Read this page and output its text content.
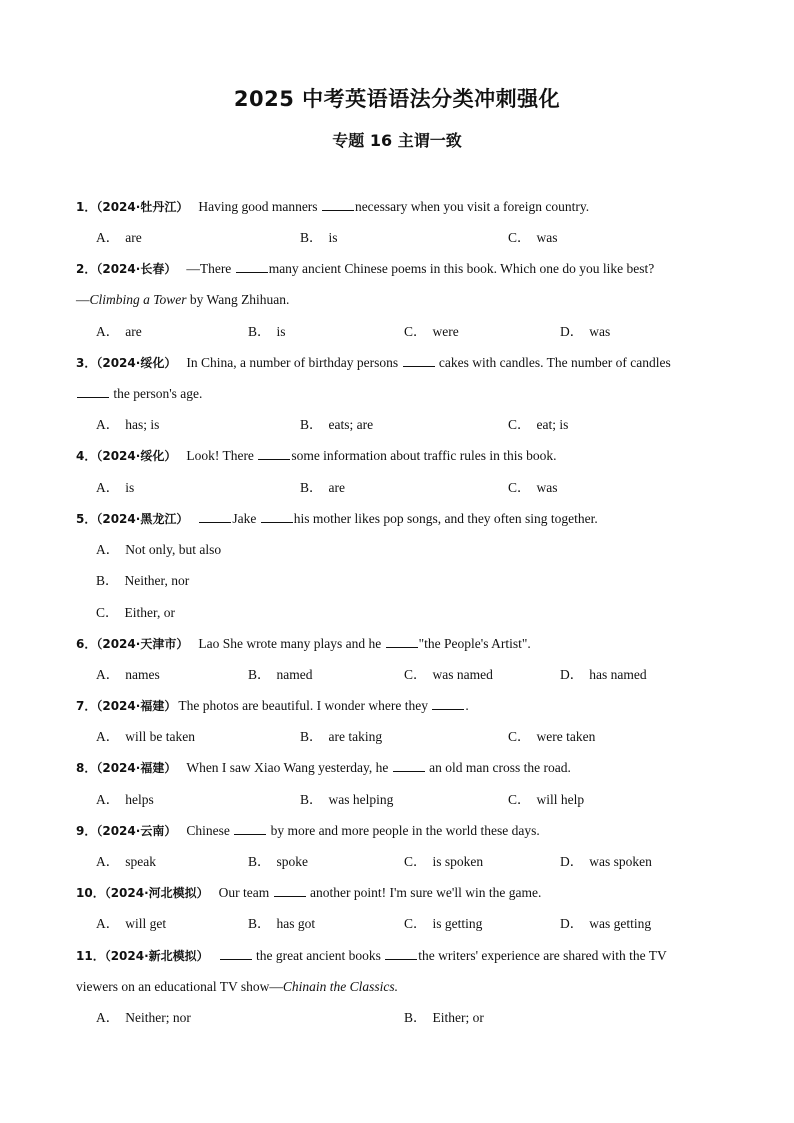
2025 中考英语语法分类冲刺强化
专题 16 主谓一致
1．（2024·牡丹江） Having good manners	necessary when you visit a foreign country.
A． are	B． is	C． was
2．（2024·长春） —There	many ancient Chinese poems in this book. Which one do you like best?
—Climbing a Tower by Wang Zhihuan.
A． are	B． is	C． were	D． was
3．（2024·绥化） In China, a number of birthday persons	cakes with candles. The number of candles
the person's age.
A． has; is	B． eats; are	C． eat; is
4．（2024·绥化） Look! There	some information about traffic rules in this book.
A． is	B． are	C． was
5．（2024·黑龙江）	Jake	his mother likes pop songs, and they often sing together.
A． Not only, but also
B． Neither, nor
C． Either, or
6．（2024·天津市） Lao She wrote many plays and he	"the People's Artist".
A． names	B． named	C． was named	D． has named
7．（2024·福建） The photos are beautiful. I wonder where they	.
A． will be taken	B． are taking	C． were taken
8．（2024·福建） When I saw Xiao Wang yesterday, he	an old man cross the road.
A． helps	B． was helping	C． will help
9．（2024·云南） Chinese	by more and more people in the world these days.
A． speak	B． spoke	C． is spoken	D． was spoken
10．（2024·河北模拟） Our team	another point! I'm sure we'll win the game.
A． will get	B． has got	C． is getting	D． was getting
11．（2024·新北模拟）	the great ancient books	the writers' experience are shared with the TV
viewers on an educational TV show—Chinain the Classics.
A． Neither; nor	B． Either; or
